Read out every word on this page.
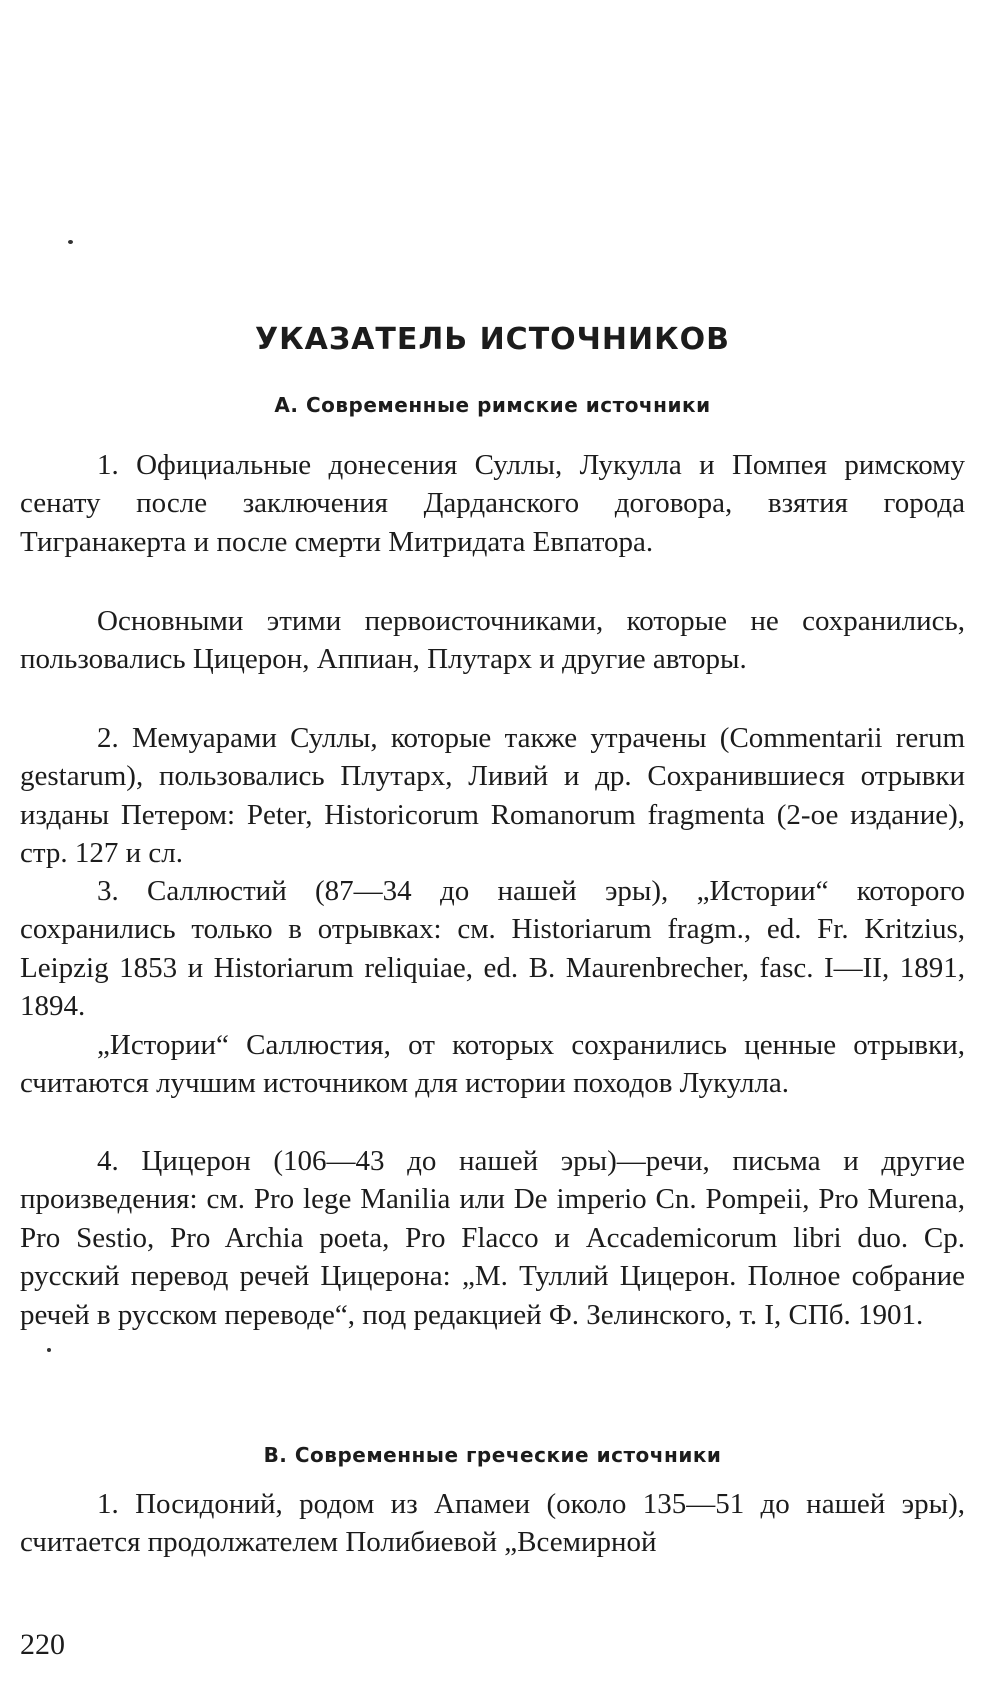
УКАЗАТЕЛЬ ИСТОЧНИКОВ
А. Современные римские источники

1. Официальные донесения Суллы, Лукулла и Помпея римскому сенату после заключения Дарданского договора, взятия города Тигранакерта и после смерти Митридата Евпатора.

Основными этими первоисточниками, которые не сохранились, пользовались Цицерон, Аппиан, Плутарх и другие авторы.

2. Мемуарами Суллы, которые также утрачены (Commentarii rerum gestarum), пользовались Плутарх, Ливий и др. Сохранившиеся отрывки изданы Петером: Peter, Historicorum Romanorum fragmenta (2-ое издание), стр. 127 и сл.

3. Саллюстий (87—34 до нашей эры), „Истории“ которого сохранились только в отрывках: см. Historiarum fragm., ed. Fr. Kritzius, Leipzig 1853 и Historiarum reliquiae, ed. B. Maurenbrecher, fasc. I—II, 1891, 1894.

„Истории“ Саллюстия, от которых сохранились ценные отрывки, считаются лучшим источником для истории походов Лукулла.

4. Цицерон (106—43 до нашей эры)—речи, письма и другие произведения: см. Pro lege Manilia или De imperio Cn. Pompeii, Pro Murena, Pro Sestio, Pro Archia poeta, Pro Flacco и Accademicorum libri duo. Ср. русский перевод речей Цицерона: „М. Туллий Цицерон. Полное собрание речей в русском переводе“, под редакцией Ф. Зелинского, т. I, СПб. 1901.

В. Современные греческие источники

1. Посидоний, родом из Апамеи (около 135—51 до нашей эры), считается продолжателем Полибиевой „Всемирной

220
